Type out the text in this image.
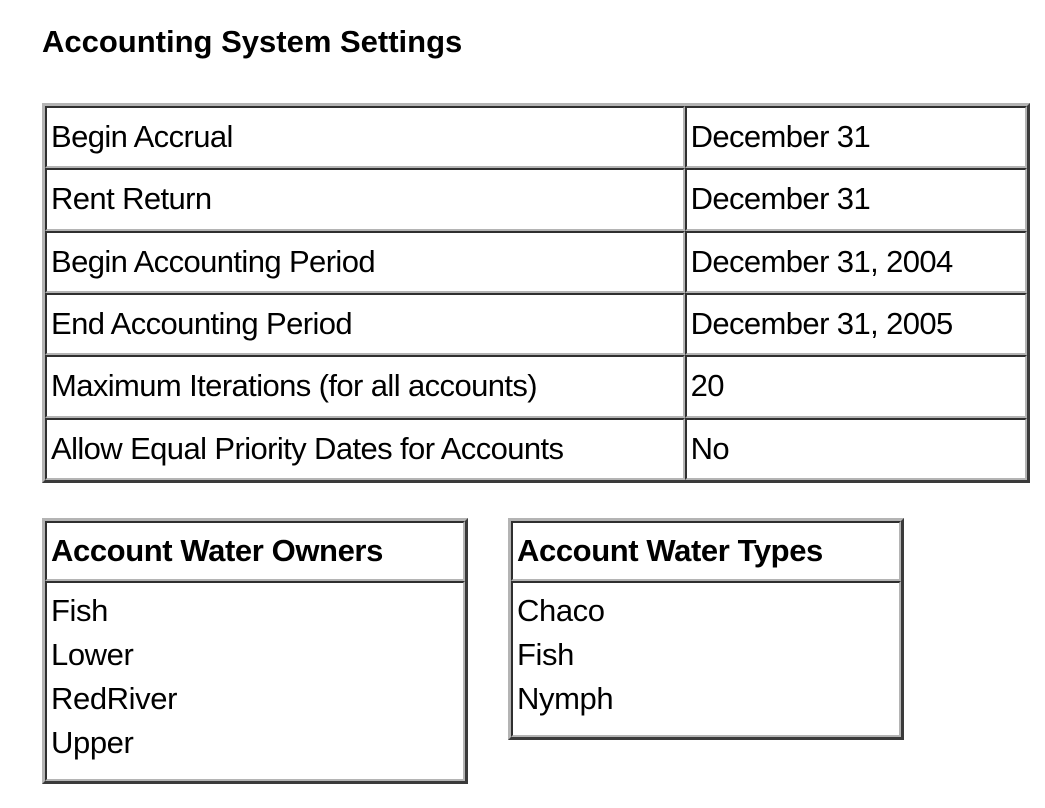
Accounting System Settings
Begin Accrual	December 31
Rent Return	December 31
Begin Accounting Period	December 31, 2004
End Accounting Period	December 31, 2005
Maximum Iterations (for all accounts)	20
Allow Equal Priority Dates for Accounts	No
Account Water Owners

Fish
Lower
RedRiver
Upper
Account Water Types

Chaco
Fish
Nymph
